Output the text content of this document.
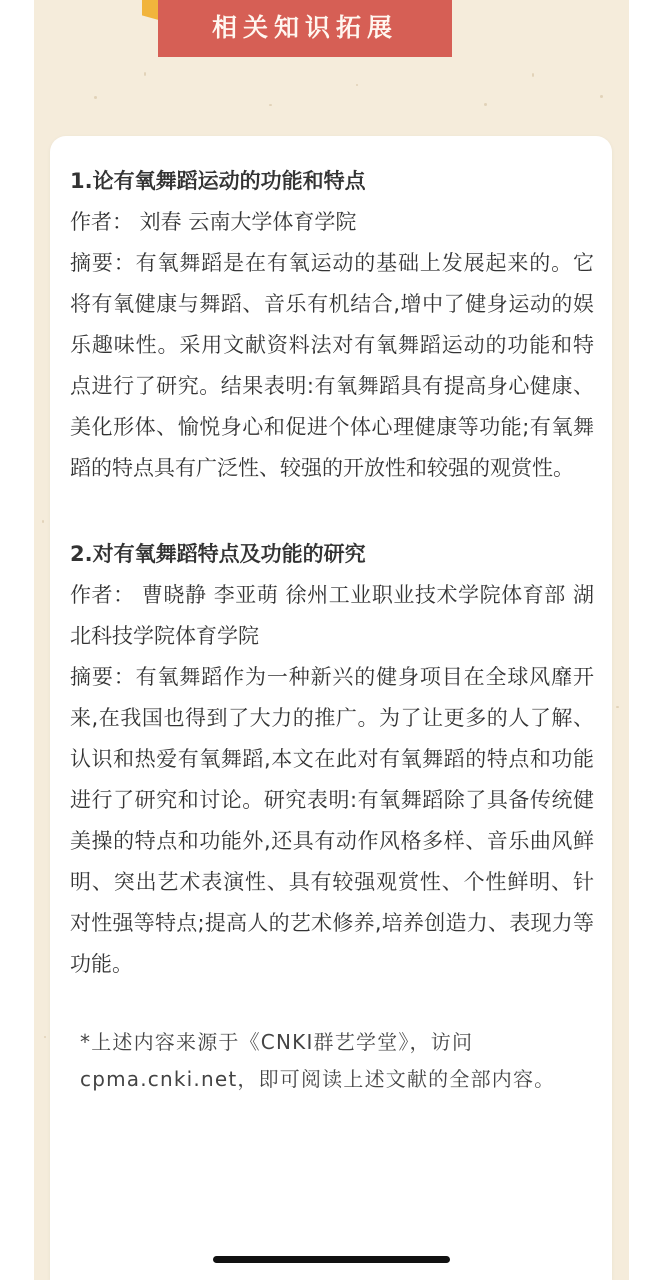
相关知识拓展

1.论有氧舞蹈运动的功能和特点

作者： 刘春 云南大学体育学院

摘要：有氧舞蹈是在有氧运动的基础上发展起来的。它将有氧健康与舞蹈、音乐有机结合,增中了健身运动的娱乐趣味性。采用文献资料法对有氧舞蹈运动的功能和特点进行了研究。结果表明:有氧舞蹈具有提高身心健康、美化形体、愉悦身心和促进个体心理健康等功能;有氧舞蹈的特点具有广泛性、较强的开放性和较强的观赏性。

2.对有氧舞蹈特点及功能的研究

作者： 曹晓静 李亚萌 徐州工业职业技术学院体育部 湖北科技学院体育学院

摘要：有氧舞蹈作为一种新兴的健身项目在全球风靡开来,在我国也得到了大力的推广。为了让更多的人了解、认识和热爱有氧舞蹈,本文在此对有氧舞蹈的特点和功能进行了研究和讨论。研究表明:有氧舞蹈除了具备传统健美操的特点和功能外,还具有动作风格多样、音乐曲风鲜明、突出艺术表演性、具有较强观赏性、个性鲜明、针对性强等特点;提高人的艺术修养,培养创造力、表现力等功能。

*上述内容来源于《CNKI群艺学堂》，访问cpma.cnki.net，即可阅读上述文献的全部内容。
